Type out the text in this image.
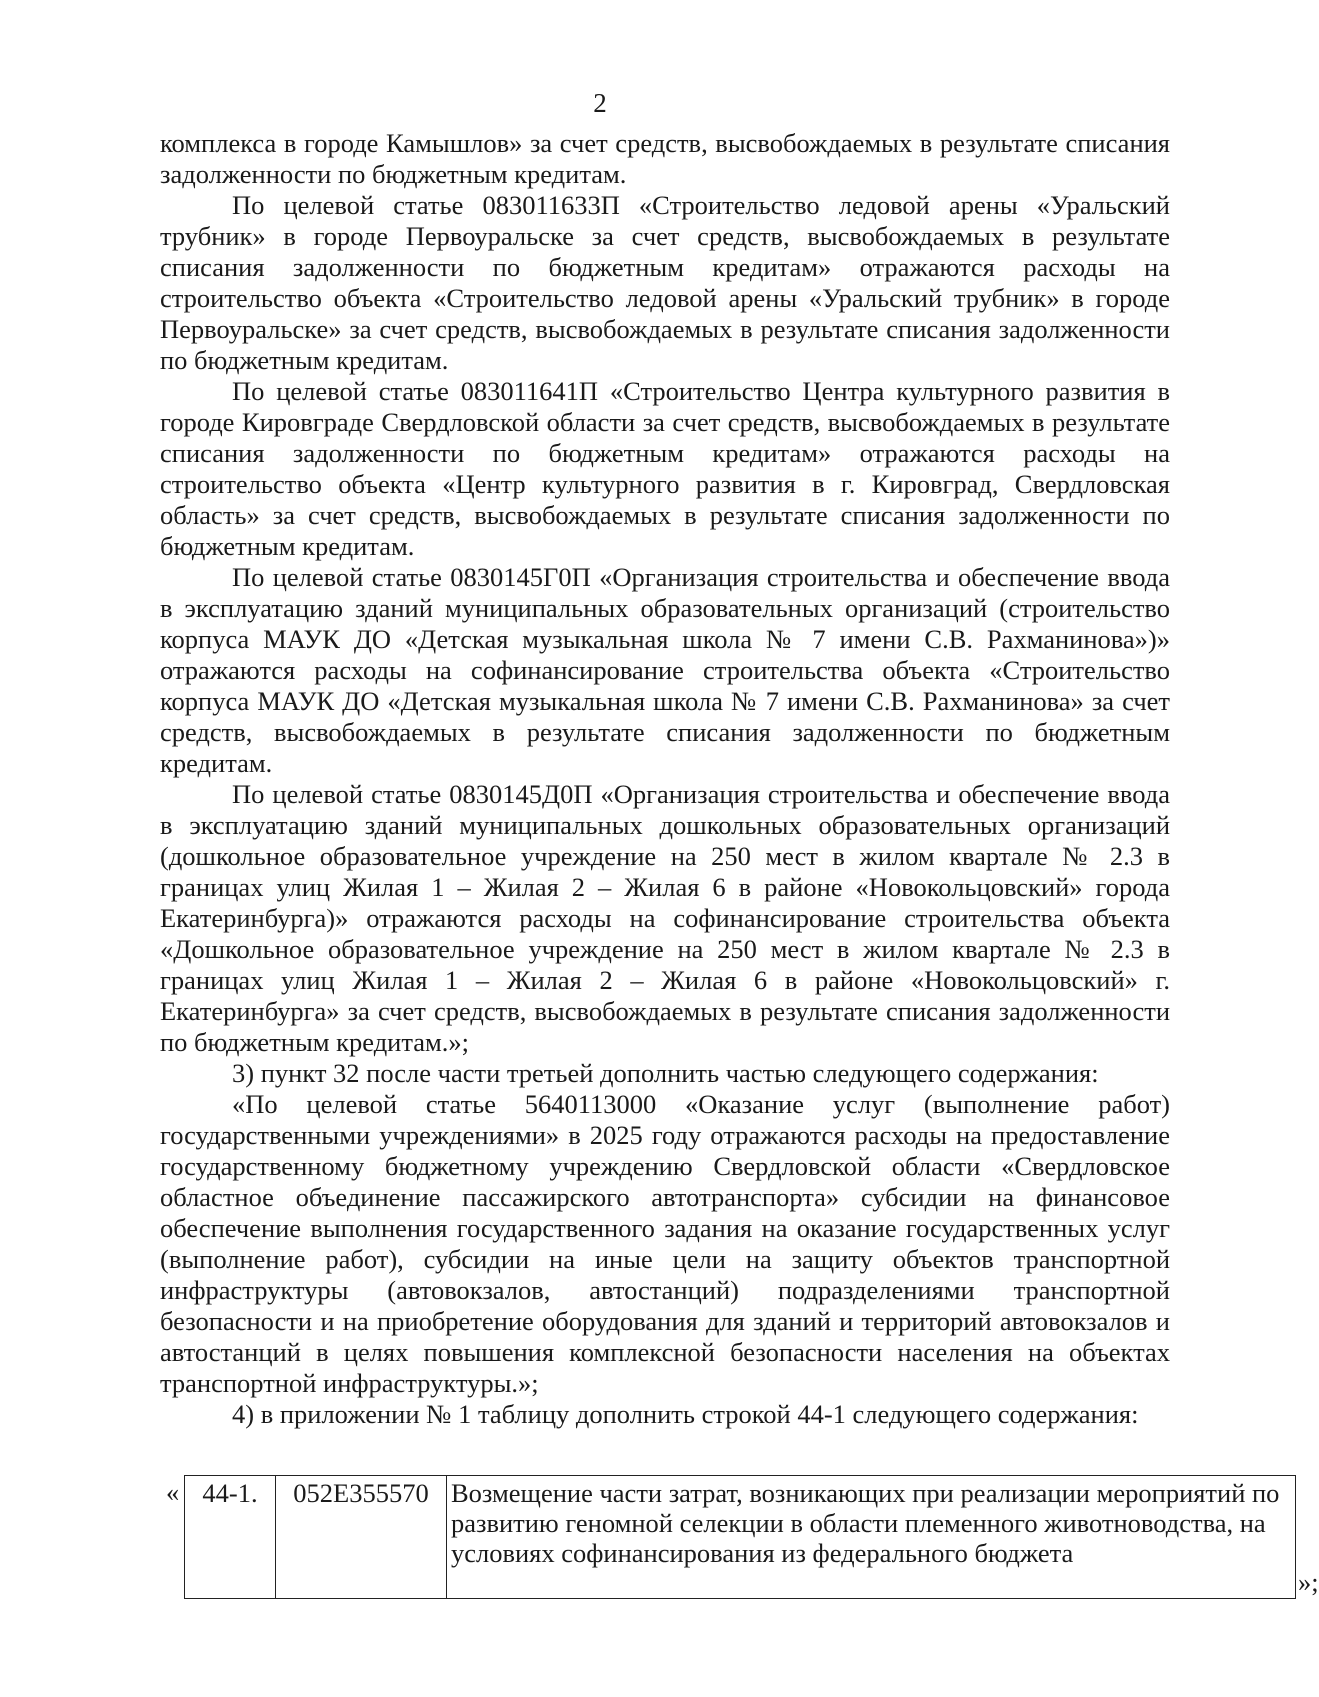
2

комплекса в городе Камышлов» за счет средств, высвобождаемых в результате списания задолженности по бюджетным кредитам.

По целевой статье 083011633П «Строительство ледовой арены «Уральский трубник» в городе Первоуральске за счет средств, высвобождаемых в результате списания задолженности по бюджетным кредитам» отражаются расходы на строительство объекта «Строительство ледовой арены «Уральский трубник» в городе Первоуральске» за счет средств, высвобождаемых в результате списания задолженности по бюджетным кредитам.

По целевой статье 083011641П «Строительство Центра культурного развития в городе Кировграде Свердловской области за счет средств, высвобождаемых в результате списания задолженности по бюджетным кредитам» отражаются расходы на строительство объекта «Центр культурного развития в г. Кировград, Свердловская область» за счет средств, высвобождаемых в результате списания задолженности по бюджетным кредитам.

По целевой статье 0830145Г0П «Организация строительства и обеспечение ввода в эксплуатацию зданий муниципальных образовательных организаций (строительство корпуса МАУК ДО «Детская музыкальная школа № 7 имени С.В. Рахманинова»)» отражаются расходы на софинансирование строительства объекта «Строительство корпуса МАУК ДО «Детская музыкальная школа № 7 имени С.В. Рахманинова» за счет средств, высвобождаемых в результате списания задолженности по бюджетным кредитам.

По целевой статье 0830145Д0П «Организация строительства и обеспечение ввода в эксплуатацию зданий муниципальных дошкольных образовательных организаций (дошкольное образовательное учреждение на 250 мест в жилом квартале № 2.3 в границах улиц Жилая 1 – Жилая 2 – Жилая 6 в районе «Новокольцовский» города Екатеринбурга)» отражаются расходы на софинансирование строительства объекта «Дошкольное образовательное учреждение на 250 мест в жилом квартале № 2.3 в границах улиц Жилая 1 – Жилая 2 – Жилая 6 в районе «Новокольцовский» г. Екатеринбурга» за счет средств, высвобождаемых в результате списания задолженности по бюджетным кредитам.»;

3) пункт 32 после части третьей дополнить частью следующего содержания:

«По целевой статье 5640113000 «Оказание услуг (выполнение работ) государственными учреждениями» в 2025 году отражаются расходы на предоставление государственному бюджетному учреждению Свердловской области «Свердловское областное объединение пассажирского автотранспорта» субсидии на финансовое обеспечение выполнения государственного задания на оказание государственных услуг (выполнение работ), субсидии на иные цели на защиту объектов транспортной инфраструктуры (автовокзалов, автостанций) подразделениями транспортной безопасности и на приобретение оборудования для зданий и территорий автовокзалов и автостанций в целях повышения комплексной безопасности населения на объектах транспортной инфраструктуры.»;

4) в приложении № 1 таблицу дополнить строкой 44-1 следующего содержания:

« 44-1.	052Е355570	Возмещение части затрат, возникающих при реализации мероприятий по развитию геномной селекции в области племенного животноводства, на условиях софинансирования из федерального бюджета
»;
